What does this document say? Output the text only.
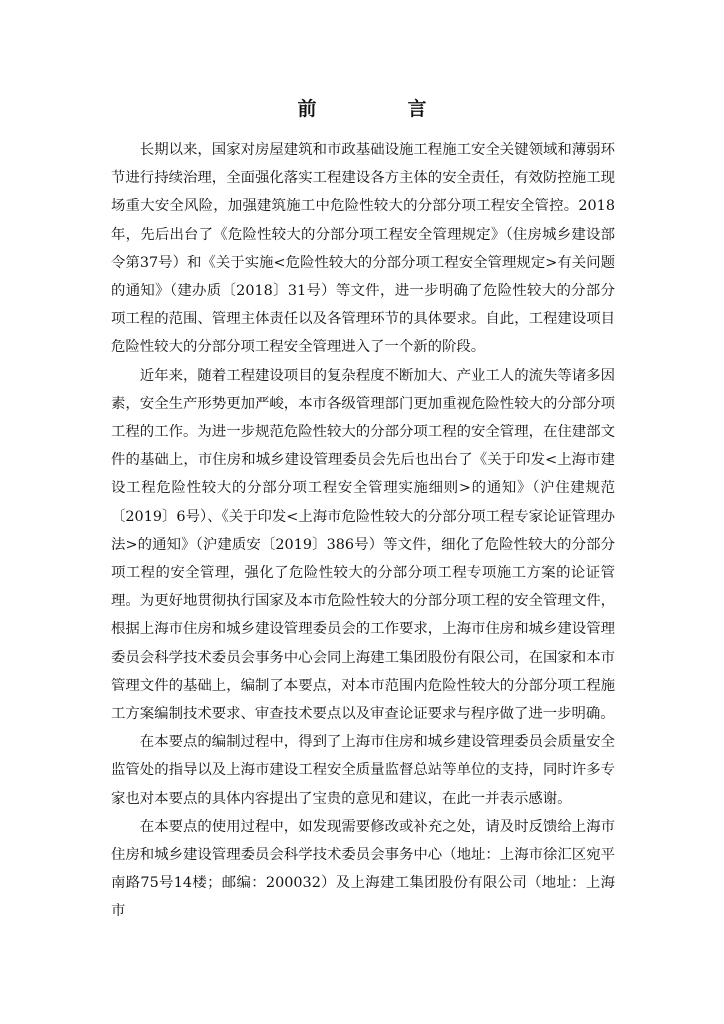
前　言

长期以来，国家对房屋建筑和市政基础设施工程施工安全关键领域和薄弱环节进行持续治理，全面强化落实工程建设各方主体的安全责任，有效防控施工现场重大安全风险，加强建筑施工中危险性较大的分部分项工程安全管控。2018年，先后出台了《危险性较大的分部分项工程安全管理规定》（住房城乡建设部令第37号）和《关于实施<危险性较大的分部分项工程安全管理规定>有关问题的通知》（建办质〔2018〕31号）等文件，进一步明确了危险性较大的分部分项工程的范围、管理主体责任以及各管理环节的具体要求。自此，工程建设项目危险性较大的分部分项工程安全管理进入了一个新的阶段。

近年来，随着工程建设项目的复杂程度不断加大、产业工人的流失等诸多因素，安全生产形势更加严峻，本市各级管理部门更加重视危险性较大的分部分项工程的工作。为进一步规范危险性较大的分部分项工程的安全管理，在住建部文件的基础上，市住房和城乡建设管理委员会先后也出台了《关于印发<上海市建设工程危险性较大的分部分项工程安全管理实施细则>的通知》（沪住建规范〔2019〕6号）、《关于印发<上海市危险性较大的分部分项工程专家论证管理办法>的通知》（沪建质安〔2019〕386号）等文件，细化了危险性较大的分部分项工程的安全管理，强化了危险性较大的分部分项工程专项施工方案的论证管理。为更好地贯彻执行国家及本市危险性较大的分部分项工程的安全管理文件，根据上海市住房和城乡建设管理委员会的工作要求，上海市住房和城乡建设管理委员会科学技术委员会事务中心会同上海建工集团股份有限公司，在国家和本市管理文件的基础上，编制了本要点，对本市范围内危险性较大的分部分项工程施工方案编制技术要求、审查技术要点以及审查论证要求与程序做了进一步明确。

在本要点的编制过程中，得到了上海市住房和城乡建设管理委员会质量安全监管处的指导以及上海市建设工程安全质量监督总站等单位的支持，同时许多专家也对本要点的具体内容提出了宝贵的意见和建议，在此一并表示感谢。

在本要点的使用过程中，如发现需要修改或补充之处，请及时反馈给上海市住房和城乡建设管理委员会科学技术委员会事务中心（地址：上海市徐汇区宛平南路75号14楼；邮编：200032）及上海建工集团股份有限公司（地址：上海市
